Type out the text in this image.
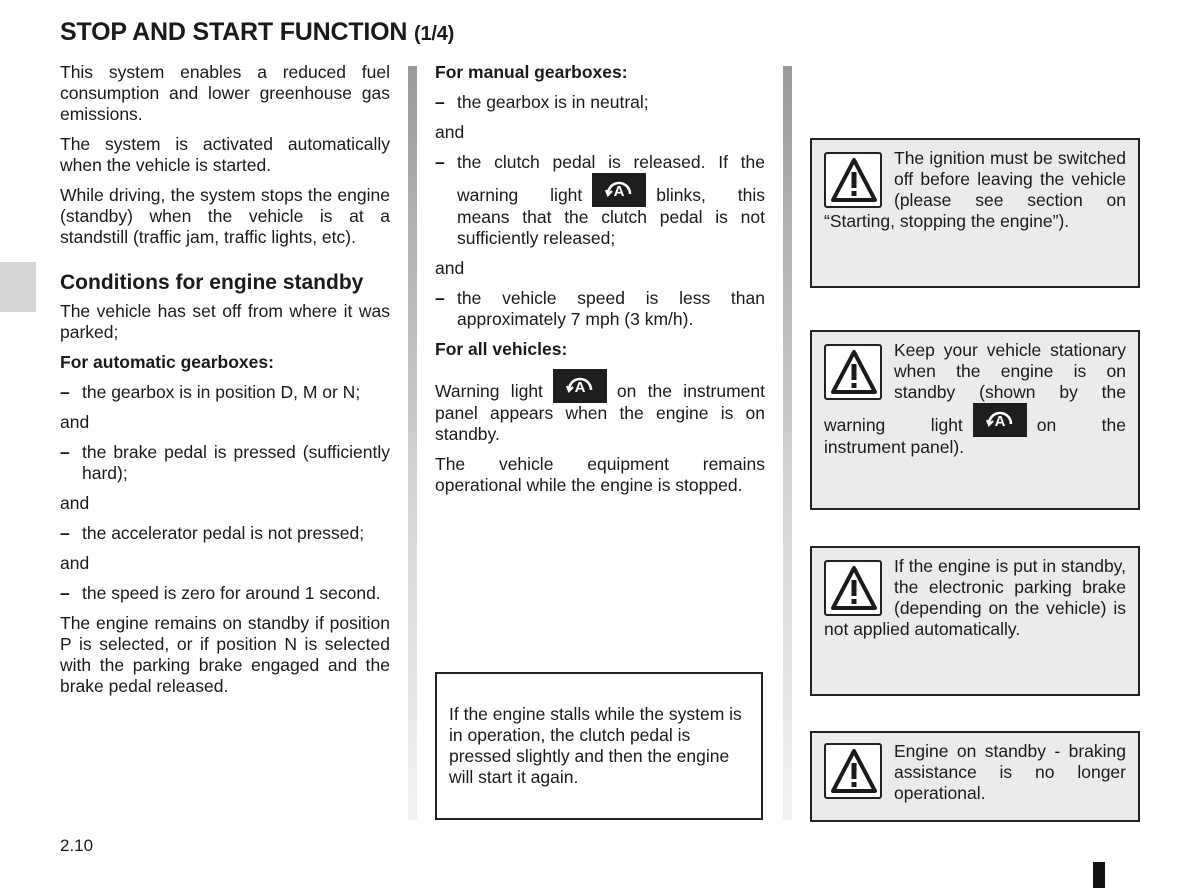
STOP AND START FUNCTION (1/4)

This system enables a reduced fuel consumption and lower greenhouse gas emissions.

The system is activated automatically when the vehicle is started.

While driving, the system stops the engine (standby) when the vehicle is at a standstill (traffic jam, traffic lights, etc).

Conditions for engine standby

The vehicle has set off from where it was parked;

For automatic gearboxes:

– the gearbox is in position D, M or N;

and

– the brake pedal is pressed (sufficiently hard);

and

– the accelerator pedal is not pressed;

and

– the speed is zero for around 1 second.

The engine remains on standby if position P is selected, or if position N is selected with the parking brake engaged and the brake pedal released.

For manual gearboxes:

– the gearbox is in neutral;

and

– the clutch pedal is released. If the warning light A blinks, this means that the clutch pedal is not sufficiently released;

and

– the vehicle speed is less than approximately 7 mph (3 km/h).

For all vehicles:

Warning light A on the instrument panel appears when the engine is on standby.

The vehicle equipment remains operational while the engine is stopped.

If the engine stalls while the system is in operation, the clutch pedal is pressed slightly and then the engine will start it again.
The ignition must be switched off before leaving the vehicle (please see section on “Starting, stopping the engine”).
Keep your vehicle stationary when the engine is on standby (shown by the warning light A on the instrument panel).
If the engine is put in standby, the electronic parking brake (depending on the vehicle) is not applied automatically.
Engine on standby - braking assistance is no longer operational.
2.10
